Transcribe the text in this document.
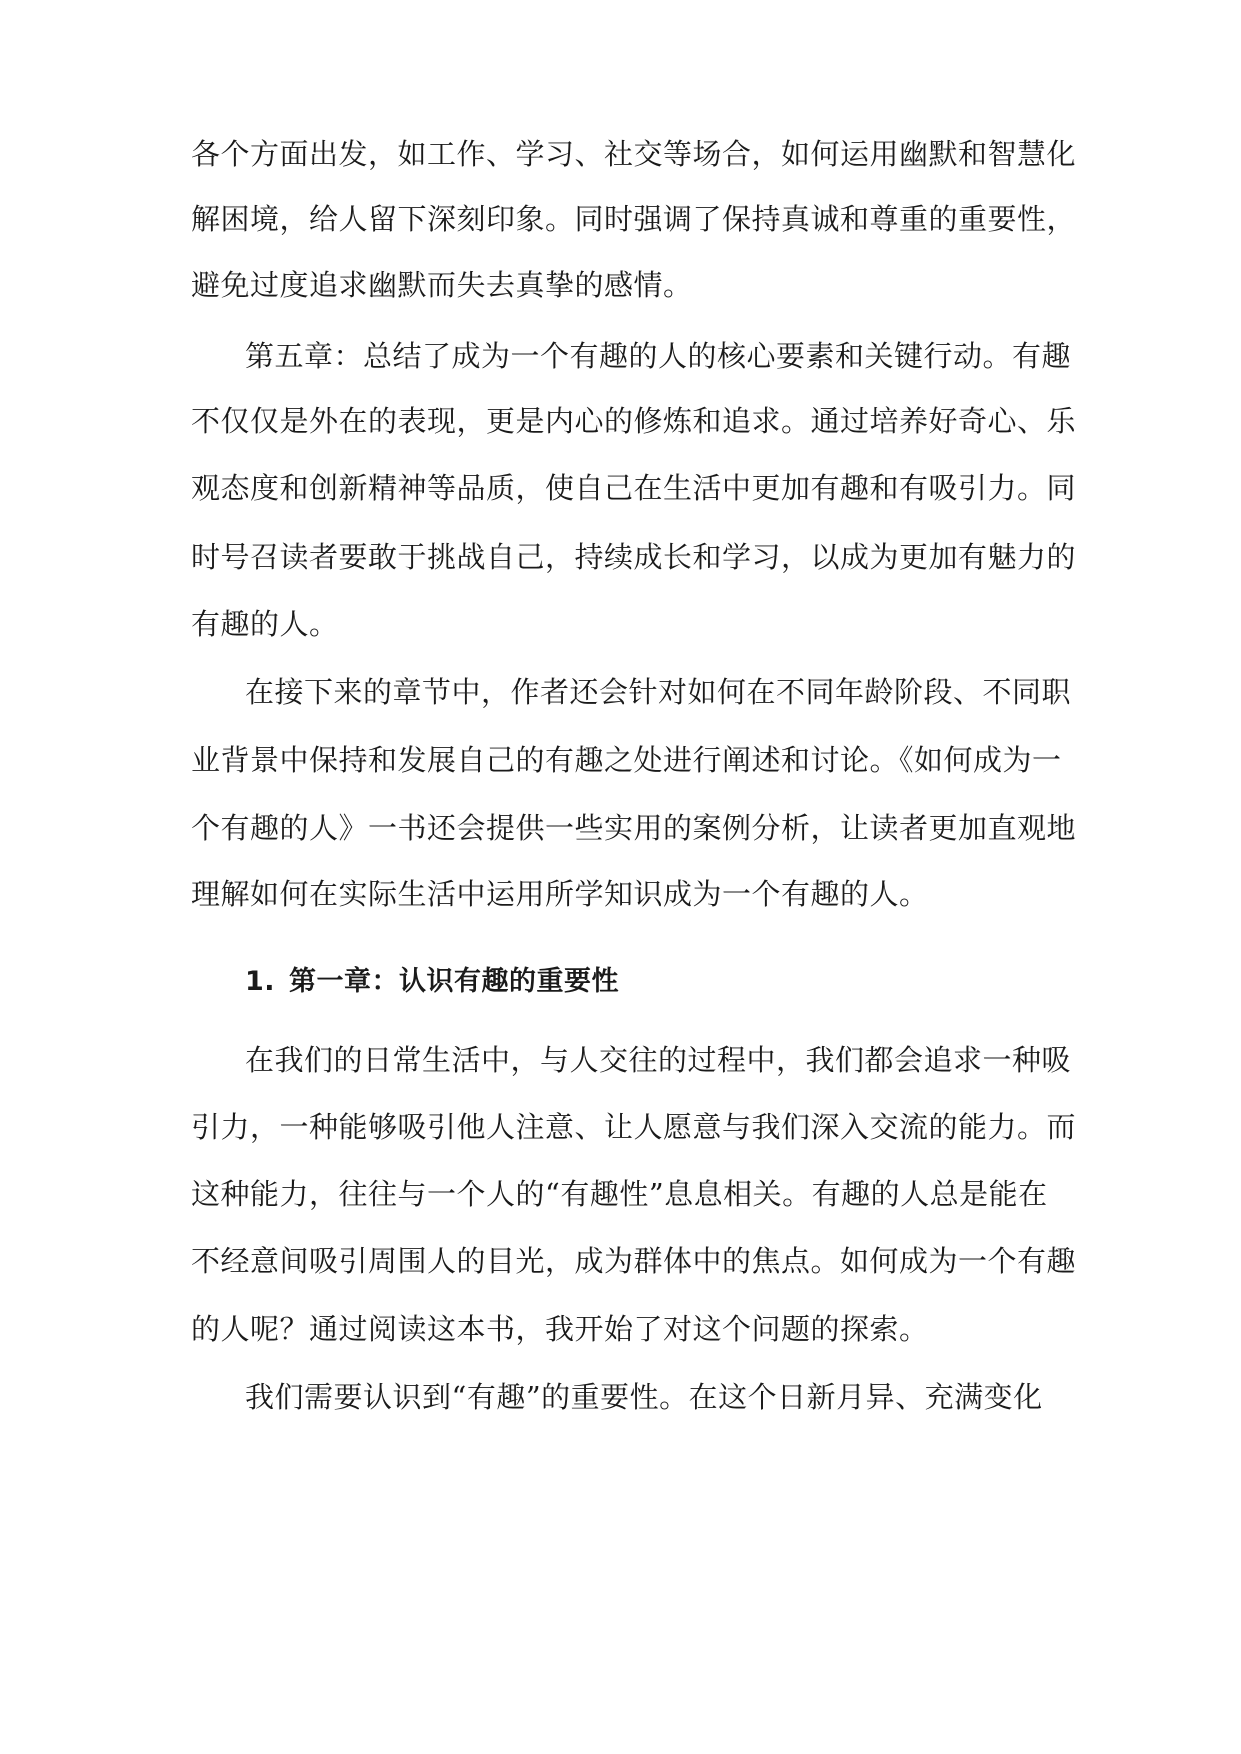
各个方面出发，如工作、学习、社交等场合，如何运用幽默和智慧化
解困境，给人留下深刻印象。同时强调了保持真诚和尊重的重要性，
避免过度追求幽默而失去真挚的感情。
第五章：总结了成为一个有趣的人的核心要素和关键行动。有趣
不仅仅是外在的表现，更是内心的修炼和追求。通过培养好奇心、乐
观态度和创新精神等品质，使自己在生活中更加有趣和有吸引力。同
时号召读者要敢于挑战自己，持续成长和学习，以成为更加有魅力的
有趣的人。
在接下来的章节中，作者还会针对如何在不同年龄阶段、不同职
业背景中保持和发展自己的有趣之处进行阐述和讨论。《如何成为一
个有趣的人》一书还会提供一些实用的案例分析，让读者更加直观地
理解如何在实际生活中运用所学知识成为一个有趣的人。
1. 第一章：认识有趣的重要性
在我们的日常生活中，与人交往的过程中，我们都会追求一种吸
引力，一种能够吸引他人注意、让人愿意与我们深入交流的能力。而
这种能力，往往与一个人的“有趣性”息息相关。有趣的人总是能在
不经意间吸引周围人的目光，成为群体中的焦点。如何成为一个有趣
的人呢？通过阅读这本书，我开始了对这个问题的探索。
我们需要认识到“有趣”的重要性。在这个日新月异、充满变化
